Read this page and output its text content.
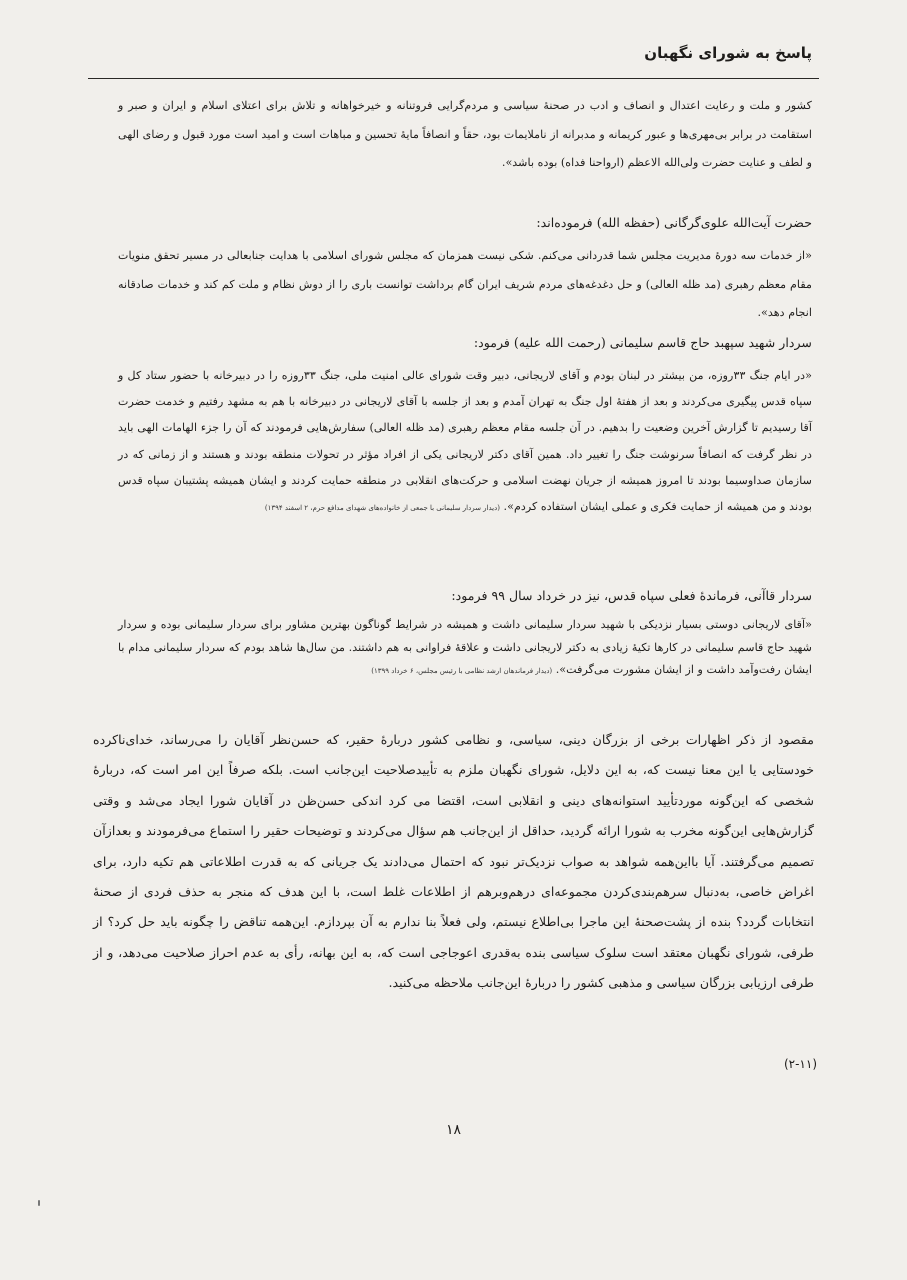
پاسخ به شورای نگهبان

کشور و ملت و رعایت اعتدال و انصاف و ادب در صحنهٔ سیاسی و مردم‌گرایی فروتنانه و خیرخواهانه و تلاش برای اعتلای اسلام و ایران و صبر و استقامت در برابر بی‌مهری‌ها و عبور کریمانه و مدبرانه از ناملایمات بود، حقاً و انصافاً مایهٔ تحسین و مباهات است و امید است مورد قبول و رضای الهی و لطف و عنایت حضرت ولی‌الله الاعظم (ارواحنا فداه) بوده باشد».

حضرت آیت‌الله علوی‌گرگانی (حفظه الله) فرموده‌اند:

«از خدمات سه دورهٔ مدیریت مجلس شما قدردانی می‌کنم. شکی نیست همزمان که مجلس شورای اسلامی با هدایت جنابعالی در مسیر تحقق منویات مقام معظم رهبری (مد ظله العالی) و حل دغدغه‌های مردم شریف ایران گام برداشت توانست باری را از دوش نظام و ملت کم کند و خدمات صادقانه انجام دهد».

سردار شهید سپهبد حاج قاسم سلیمانی (رحمت الله علیه) فرمود:

«در ایام جنگ ۳۳روزه، من بیشتر در لبنان بودم و آقای لاریجانی، دبیر وقت شورای عالی امنیت ملی، جنگ ۳۳روزه را در دبیرخانه با حضور ستاد کل و سپاه قدس پیگیری می‌کردند و بعد از هفتهٔ اول جنگ به تهران آمدم و بعد از جلسه با آقای لاریجانی در دبیرخانه با هم به مشهد رفتیم و خدمت حضرت آقا رسیدیم تا گزارش آخرین وضعیت را بدهیم. در آن جلسه مقام معظم رهبری (مد ظله العالی) سفارش‌هایی فرمودند که آن را جزء الهامات الهی باید در نظر گرفت که انصافاً سرنوشت جنگ را تغییر داد. همین آقای دکتر لاریجانی یکی از افراد مؤثر در تحولات منطقه بودند و هستند و از زمانی که در سازمان صداوسیما بودند تا امروز همیشه از جریان نهضت اسلامی و حرکت‌های انقلابی در منطقه حمایت کردند و ایشان همیشه پشتیبان سپاه قدس بودند و من همیشه از حمایت فکری و عملی ایشان استفاده کردم». (دیدار سردار سلیمانی با جمعی از خانواده‌های شهدای مدافع حرم، ۲ اسفند ۱۳۹۴)

سردار قاآنی، فرماندهٔ فعلی سپاه قدس، نیز در خرداد سال ۹۹ فرمود:

«آقای لاریجانی دوستی بسیار نزدیکی با شهید سردار سلیمانی داشت و همیشه در شرایط گوناگون بهترین مشاور برای سردار سلیمانی بوده و سردار شهید حاج قاسم سلیمانی در کارها تکیهٔ زیادی به دکتر لاریجانی داشت و علاقهٔ فراوانی به هم داشتند. من سال‌ها شاهد بودم که سردار سلیمانی مدام با ایشان رفت‌وآمد داشت و از ایشان مشورت می‌گرفت». (دیدار فرماندهان ارشد نظامی با رئیس مجلس، ۶ خرداد ۱۳۹۹)

مقصود از ذکر اظهارات برخی از بزرگان دینی، سیاسی، و نظامی کشور دربارهٔ حقیر، که حسن‌نظر آقایان را می‌رساند، خدای‌ناکرده خودستایی یا این معنا نیست که، به این دلایل، شورای نگهبان ملزم به تأییدصلاحیت این‌جانب است. بلکه صرفاً این امر است که، دربارهٔ شخصی که این‌گونه موردتأیید استوانه‌های دینی و انقلابی است، اقتضا می کرد اندکی حسن‌ظن در آقایان شورا ایجاد می‌شد و وقتی گزارش‌هایی این‌گونه مخرب به شورا ارائه گردید، حداقل از این‌جانب هم سؤال می‌کردند و توضیحات حقیر را استماع می‌فرمودند و بعدازآن تصمیم می‌گرفتند. آیا بااین‌همه شواهد به صواب نزدیک‌تر نبود که احتمال می‌دادند یک جریانی که به قدرت اطلاعاتی هم تکیه دارد، برای اغراض خاصی، به‌دنبال سرهم‌بندی‌کردن مجموعه‌ای درهم‌وبرهم از اطلاعات غلط است، با این هدف که منجر به حذف فردی از صحنهٔ انتخابات گردد؟ بنده از پشت‌صحنهٔ این ماجرا بی‌اطلاع نیستم، ولی فعلاً بنا ندارم به آن بپردازم. این‌همه تناقض را چگونه باید حل کرد؟ از طرفی، شورای نگهبان معتقد است سلوک سیاسی بنده به‌قدری اعوجاجی است که، به این بهانه، رأی به عدم احراز صلاحیت می‌دهد، و از طرفی ارزیابی بزرگان سیاسی و مذهبی کشور را دربارهٔ این‌جانب ملاحظه می‌کنید.

(۲-۱۱)
۱۸
